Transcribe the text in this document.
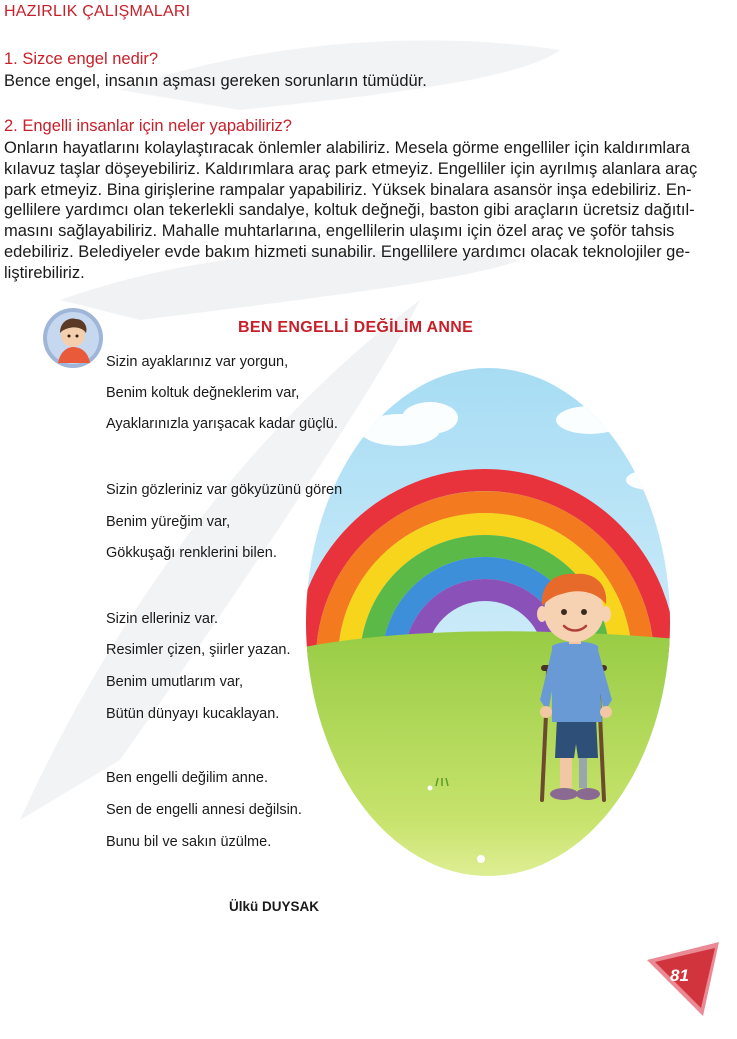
HAZIRLIK ÇALIŞMALARI
1. Sizce engel nedir?
Bence engel, insanın aşması gereken sorunların tümüdür.
2. Engelli insanlar için neler yapabiliriz?
Onların hayatlarını kolaylaştıracak önlemler alabiliriz. Mesela görme engelliler için kaldırımlara
kılavuz taşlar döşeyebiliriz. Kaldırımlara araç park etmeyiz. Engelliler için ayrılmış alanlara araç
park etmeyiz. Bina girişlerine rampalar yapabiliriz. Yüksek binalara asansör inşa edebiliriz. En-
gellilere yardımcı olan tekerlekli sandalye, koltuk değneği, baston gibi araçların ücretsiz dağıtıl-
masını sağlayabiliriz. Mahalle muhtarlarına, engellilerin ulaşımı için özel araç ve şoför tahsis
edebiliriz. Belediyeler evde bakım hizmeti sunabilir. Engellilere yardımcı olacak teknolojiler ge-
liştirebiliriz.
BEN ENGELLİ DEĞİLİM ANNE
Sizin ayaklarınız var yorgun,
Benim koltuk değneklerim var,
Ayaklarınızla yarışacak kadar güçlü.
Sizin gözleriniz var gökyüzünü gören
Benim yüreğim var,
Gökkuşağı renklerini bilen.
Sizin elleriniz var.
Resimler çizen, şiirler yazan.
Benim umutlarım var,
Bütün dünyayı kucaklayan.
Ben engelli değilim anne.
Sen de engelli annesi değilsin.
Bunu bil ve sakın üzülme.
Ülkü DUYSAK
81
